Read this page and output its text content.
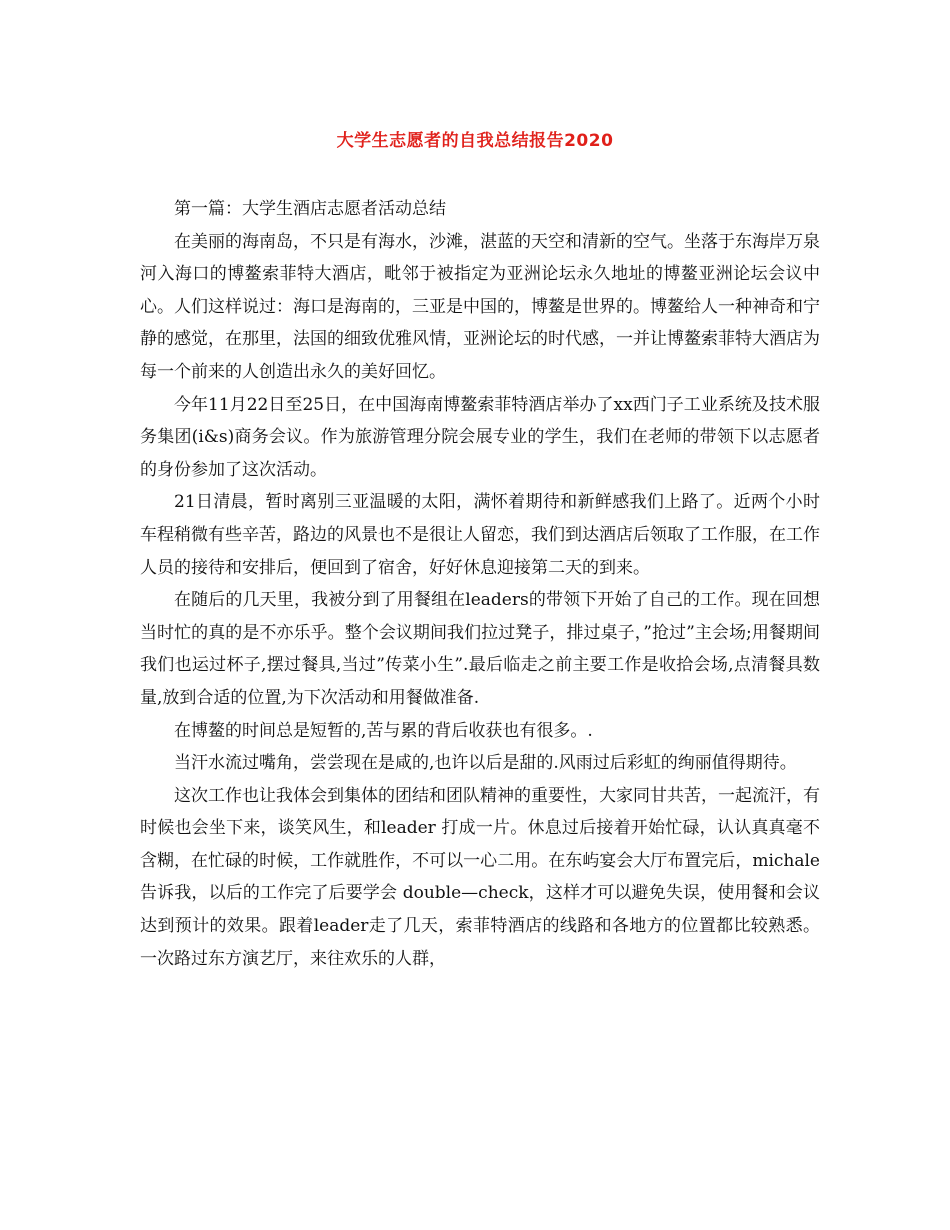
大学生志愿者的自我总结报告2020

第一篇：大学生酒店志愿者活动总结

在美丽的海南岛，不只是有海水，沙滩，湛蓝的天空和清新的空气。坐落于东海岸万泉河入海口的博鳌索菲特大酒店，毗邻于被指定为亚洲论坛永久地址的博鳌亚洲论坛会议中心。人们这样说过：海口是海南的，三亚是中国的，博鳌是世界的。博鳌给人一种神奇和宁静的感觉，在那里，法国的细致优雅风情，亚洲论坛的时代感，一并让博鳌索菲特大酒店为每一个前来的人创造出永久的美好回忆。

今年11月22日至25日，在中国海南博鳌索菲特酒店举办了xx西门子工业系统及技术服务集团(i&s)商务会议。作为旅游管理分院会展专业的学生，我们在老师的带领下以志愿者的身份参加了这次活动。

21日清晨，暂时离别三亚温暖的太阳，满怀着期待和新鲜感我们上路了。近两个小时车程稍微有些辛苦，路边的风景也不是很让人留恋，我们到达酒店后领取了工作服，在工作人员的接待和安排后，便回到了宿舍，好好休息迎接第二天的到来。

在随后的几天里，我被分到了用餐组在leaders的带领下开始了自己的工作。现在回想当时忙的真的是不亦乐乎。整个会议期间我们拉过凳子，排过桌子，”抢过”主会场;用餐期间我们也运过杯子,摆过餐具,当过”传菜小生”.最后临走之前主要工作是收拾会场,点清餐具数量,放到合适的位置,为下次活动和用餐做准备.

在博鳌的时间总是短暂的,苦与累的背后收获也有很多。.

当汗水流过嘴角，尝尝现在是咸的,也许以后是甜的.风雨过后彩虹的绚丽值得期待。

这次工作也让我体会到集体的团结和团队精神的重要性，大家同甘共苦，一起流汗，有时候也会坐下来，谈笑风生，和leader 打成一片。休息过后接着开始忙碌，认认真真毫不含糊，在忙碌的时候，工作就胜作，不可以一心二用。在东屿宴会大厅布置完后，michale告诉我，以后的工作完了后要学会 double—check，这样才可以避免失误，使用餐和会议达到预计的效果。跟着leader走了几天，索菲特酒店的线路和各地方的位置都比较熟悉。一次路过东方演艺厅，来往欢乐的人群，
